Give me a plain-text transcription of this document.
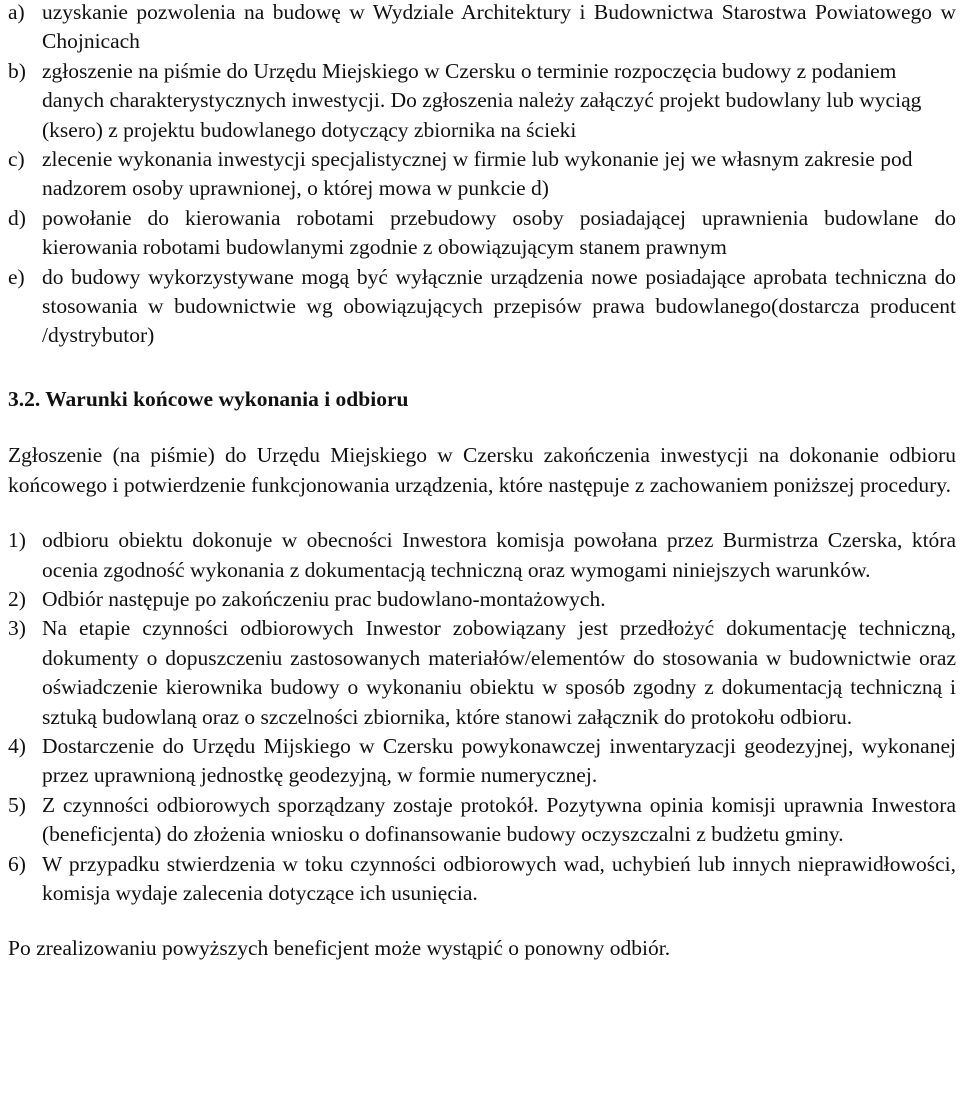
a) uzyskanie pozwolenia na budowę w Wydziale Architektury i Budownictwa Starostwa Powiatowego w Chojnicach
b) zgłoszenie na piśmie do Urzędu Miejskiego w Czersku o terminie rozpoczęcia budowy z podaniem danych charakterystycznych inwestycji. Do zgłoszenia należy załączyć projekt budowlany lub wyciąg (ksero) z projektu budowlanego dotyczący zbiornika na ścieki
c) zlecenie wykonania inwestycji specjalistycznej w firmie lub wykonanie jej we własnym zakresie pod nadzorem osoby uprawnionej, o której mowa w punkcie d)
d) powołanie do kierowania robotami przebudowy osoby posiadającej uprawnienia budowlane do kierowania robotami budowlanymi zgodnie z obowiązującym stanem prawnym
e) do budowy wykorzystywane mogą być wyłącznie urządzenia nowe posiadające aprobata techniczna do stosowania w budownictwie wg obowiązujących przepisów prawa budowlanego(dostarcza producent /dystrybutor)
3.2. Warunki końcowe wykonania i odbioru
Zgłoszenie (na piśmie) do Urzędu Miejskiego w Czersku zakończenia inwestycji na dokonanie odbioru końcowego i potwierdzenie funkcjonowania urządzenia, które następuje z zachowaniem poniższej procedury.
1) odbioru obiektu dokonuje w obecności Inwestora komisja powołana przez Burmistrza Czerska, która ocenia zgodność wykonania z dokumentacją techniczną oraz wymogami niniejszych warunków.
2) Odbiór następuje po zakończeniu prac budowlano-montażowych.
3) Na etapie czynności odbiorowych Inwestor zobowiązany jest przedłożyć dokumentację techniczną, dokumenty o dopuszczeniu zastosowanych materiałów/elementów do stosowania w budownictwie oraz oświadczenie kierownika budowy o wykonaniu obiektu w sposób zgodny z dokumentacją techniczną i sztuką budowlaną oraz o szczelności zbiornika, które stanowi załącznik do protokołu odbioru.
4) Dostarczenie do Urzędu Mijskiego w Czersku powykonawczej inwentaryzacji geodezyjnej, wykonanej przez uprawnioną jednostkę geodezyjną, w formie numerycznej.
5) Z czynności odbiorowych sporządzany zostaje protokół. Pozytywna opinia komisji uprawnia Inwestora (beneficjenta) do złożenia wniosku o dofinansowanie budowy oczyszczalni z budżetu gminy.
6) W przypadku stwierdzenia w toku czynności odbiorowych wad, uchybień lub innych nieprawidłowości, komisja wydaje zalecenia dotyczące ich usunięcia.
Po zrealizowaniu powyższych beneficjent może wystąpić o ponowny odbiór.
